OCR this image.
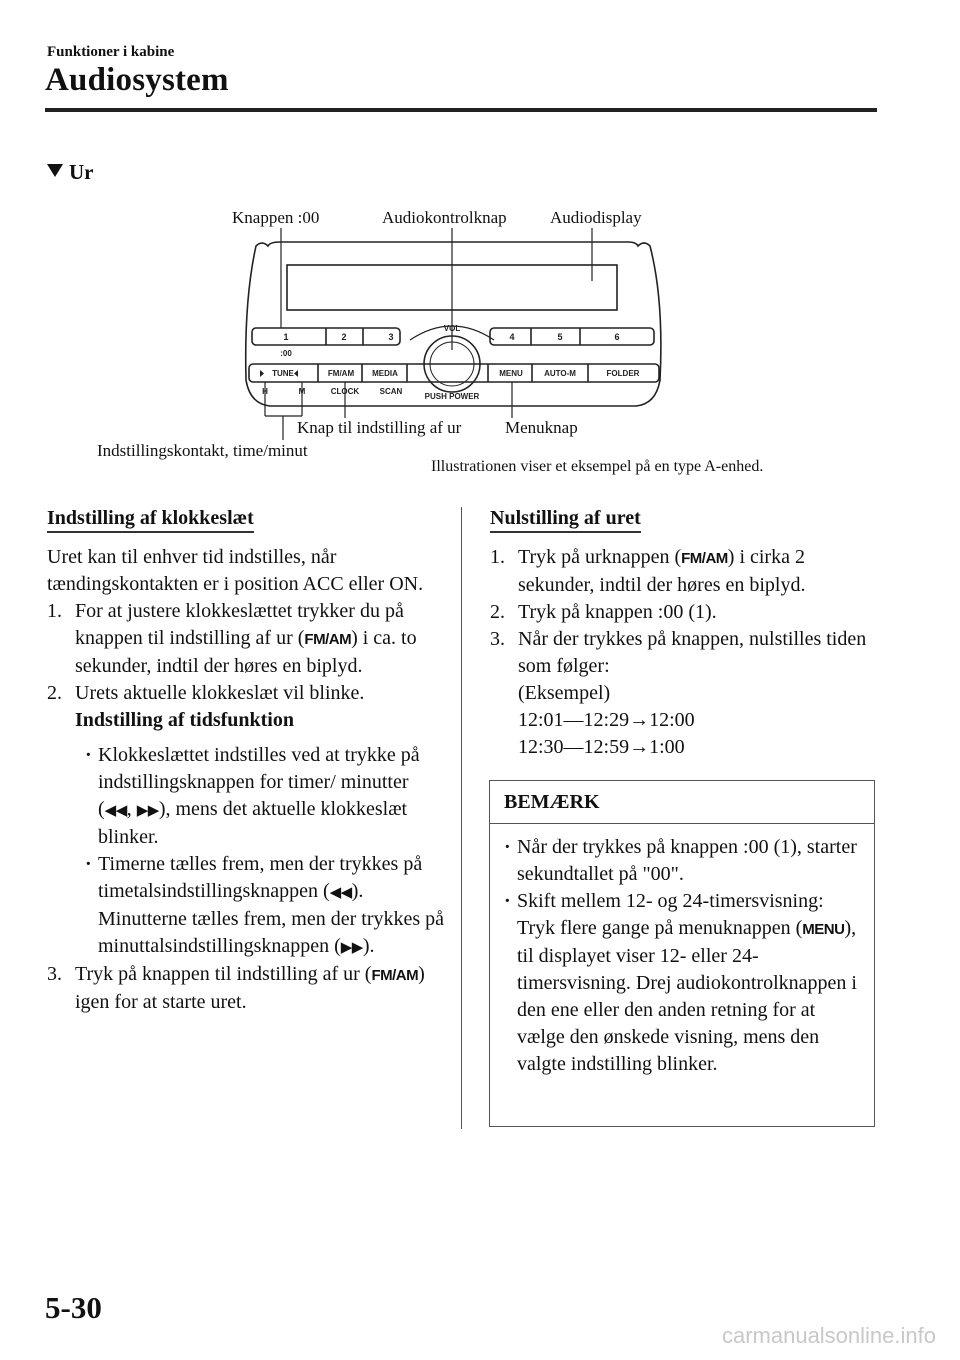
Funktioner i kabine
Audiosystem
Ur
Knappen :00	Audiokontrolknap	Audiodisplay
Knap til indstilling af ur	Menuknap
Indstillingskontakt, time/minut
1	2	3	4	5	6
:00
VOL
TUNE	FM/AM MEDIA	MENU	AUTO-M	FOLDER
H	M	CLOCK	SCAN
PUSH POWER
Illustrationen viser et eksempel på en type A-enhed.
Indstilling af klokkeslæt
Uret kan til enhver tid indstilles, når tændingskontakten er i position ACC eller ON.
1. For at justere klokkeslættet trykker du på knappen til indstilling af ur (FM/AM) i ca. to sekunder, indtil der høres en biplyd.
2. Urets aktuelle klokkeslæt vil blinke.
Indstilling af tidsfunktion
· Klokkeslættet indstilles ved at trykke på indstillingsknappen for timer/ minutter (◀◀, ▶▶), mens det aktuelle klokkeslæt blinker.
· Timerne tælles frem, men der trykkes på timetalsindstillingsknappen (◀◀). Minutterne tælles frem, men der trykkes på minuttalsindstillingsknappen (▶▶).
3. Tryk på knappen til indstilling af ur (FM/AM) igen for at starte uret.
Nulstilling af uret
1. Tryk på urknappen (FM/AM) i cirka 2 sekunder, indtil der høres en biplyd.
2. Tryk på knappen :00 (1).
3. Når der trykkes på knappen, nulstilles tiden som følger:
(Eksempel)
12:01—12:29→12:00
12:30—12:59→1:00
BEMÆRK
· Når der trykkes på knappen :00 (1), starter sekundtallet på "00".
· Skift mellem 12- og 24-timersvisning:
Tryk flere gange på menuknappen (MENU), til displayet viser 12- eller 24-timersvisning. Drej audiokontrolknappen i den ene eller den anden retning for at vælge den ønskede visning, mens den valgte indstilling blinker.
5-30
carmanualsonline.info
